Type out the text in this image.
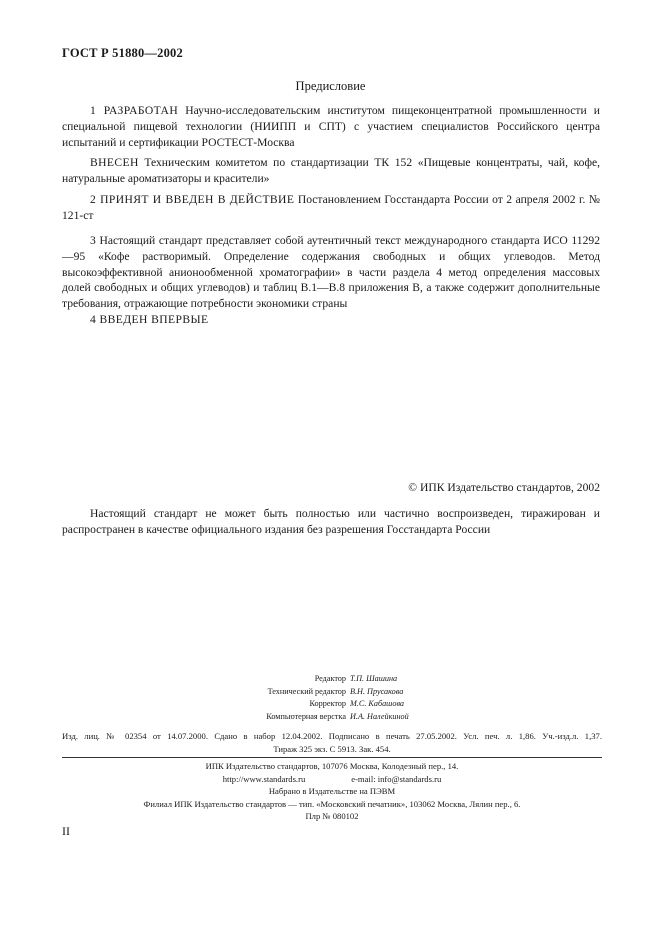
ГОСТ Р 51880—2002
Предисловие

1 РАЗРАБОТАН Научно-исследовательским институтом пищеконцентратной промышленности и специальной пищевой технологии (НИИПП и СПТ) с участием специалистов Российского центра испытаний и сертификации РОСТЕСТ-Москва

ВНЕСЕН Техническим комитетом по стандартизации ТК 152 «Пищевые концентраты, чай, кофе, натуральные ароматизаторы и красители»

2 ПРИНЯТ И ВВЕДЕН В ДЕЙСТВИЕ Постановлением Госстандарта России от 2 апреля 2002 г. № 121-ст

3 Настоящий стандарт представляет собой аутентичный текст международного стандарта ИСО 11292—95 «Кофе растворимый. Определение содержания свободных и общих углеводов. Метод высокоэффективной анионообменной хроматографии» в части раздела 4 метод определения массовых долей свободных и общих углеводов) и таблиц В.1—В.8 приложения В, а также содержит дополнительные требования, отражающие потребности экономики страны

4 ВВЕДЕН ВПЕРВЫЕ

© ИПК Издательство стандартов, 2002

Настоящий стандарт не может быть полностью или частично воспроизведен, тиражирован и распространен в качестве официального издания без разрешения Госстандарта России

Редактор Т.П. Шашина
Технический редактор В.Н. Прусакова
Корректор М.С. Кабашова
Компьютерная верстка И.А. Налейкиной
Изд. лиц. № 02354 от 14.07.2000. Сдано в набор 12.04.2002. Подписано в печать 27.05.2002. Усл. печ. л. 1,86. Уч.-изд.л. 1,37.
Тираж 325 экз. С 5913. Зак. 454.
ИПК Издательство стандартов, 107076 Москва, Колодезный пер., 14.
http://www.standards.ru	e-mail: info@standards.ru
Набрано в Издательстве на ПЭВМ
Филиал ИПК Издательство стандартов — тип. «Московский печатник», 103062 Москва, Лялин пер., 6.
Плр № 080102
II
